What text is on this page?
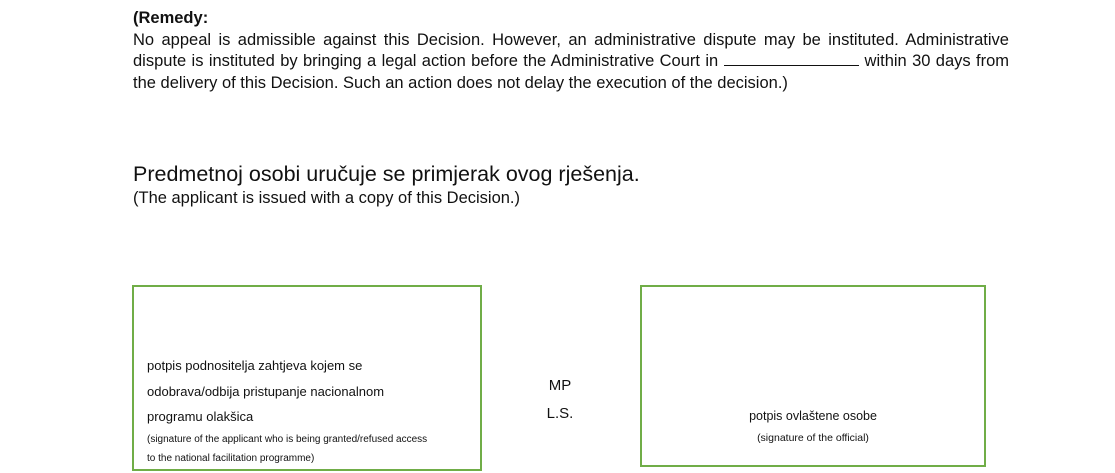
(Remedy:
No appeal is admissible against this Decision. However, an administrative dispute may be instituted. Administrative dispute is instituted by bringing a legal action before the Administrative Court in	within 30 days from the delivery of this Decision. Such an action does not delay the execution of the decision.)
Predmetnoj osobi uručuje se primjerak ovog rješenja.
(The applicant is issued with a copy of this Decision.)
potpis podnositelja zahtjeva kojem se
odobrava/odbija pristupanje nacionalnom
programu olakšica
(signature of the applicant who is being granted/refused access
to the national facilitation programme)
MP
L.S.	potpis ovlaštene osobe
(signature of the official)
